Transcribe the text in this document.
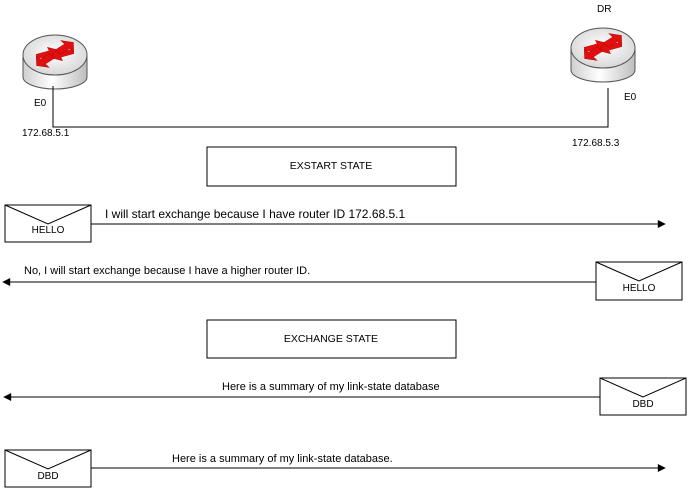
E0
172.68.5.1
DR
E0
172.68.5.3
EXSTART STATE
HELLO
I will start exchange because I have router ID 172.68.5.1
HELLO
No, I will start exchange because I have a higher router ID.
EXCHANGE STATE
DBD
Here is a summary of my link-state database
DBD
Here is a summary of my link-state database.
